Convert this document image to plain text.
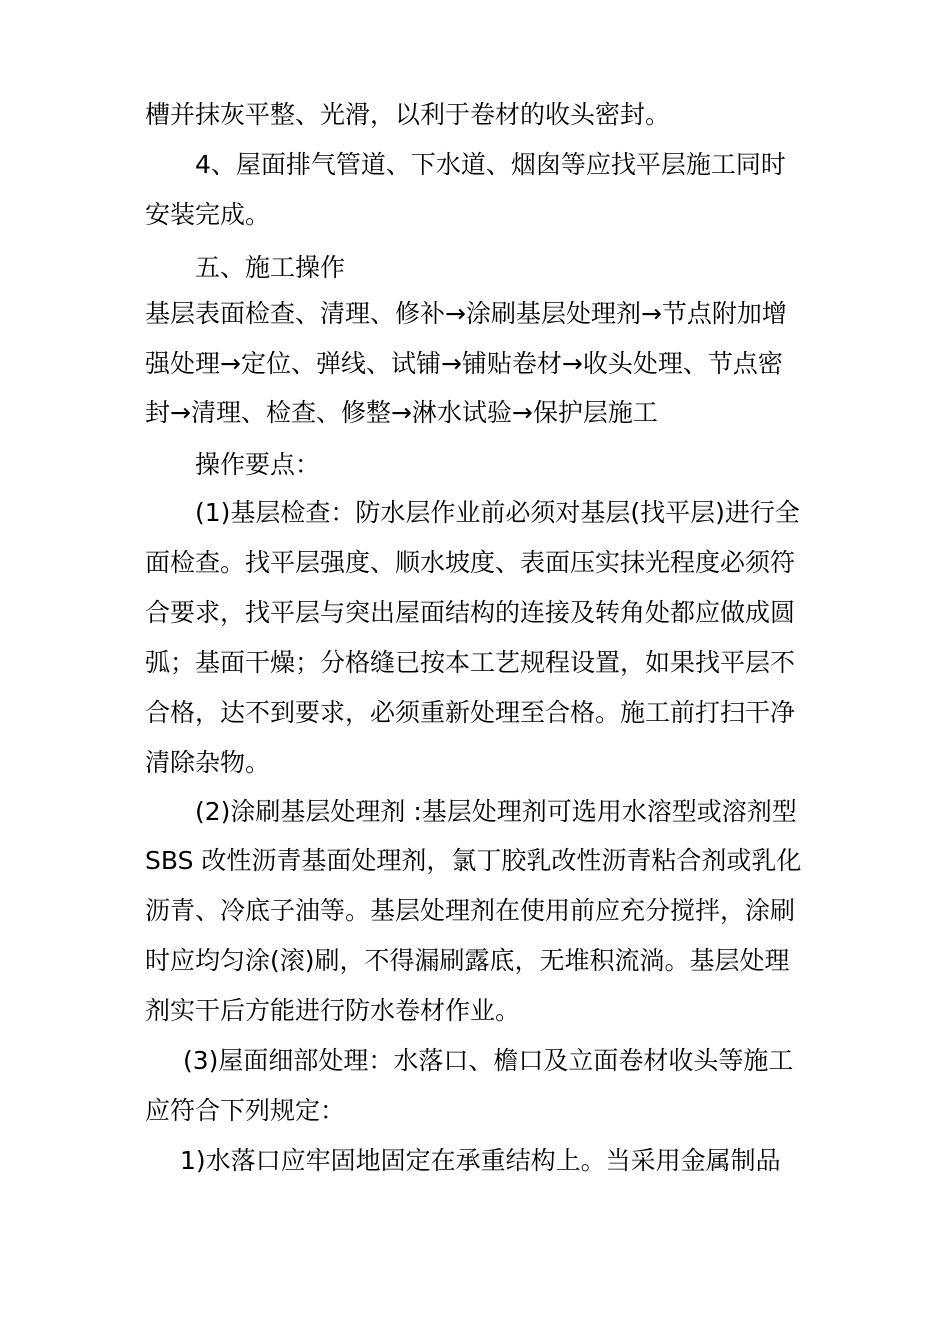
槽并抹灰平整、光滑，以利于卷材的收头密封。
4、屋面排气管道、下水道、烟囱等应找平层施工同时
安装完成。
五、施工操作
基层表面检查、清理、修补→涂刷基层处理剂→节点附加增
强处理→定位、弹线、试铺→铺贴卷材→收头处理、节点密
封→清理、检查、修整→淋水试验→保护层施工
操作要点：
(1)基层检查：防水层作业前必须对基层(找平层)进行全
面检查。找平层强度、顺水坡度、表面压实抹光程度必须符
合要求，找平层与突出屋面结构的连接及转角处都应做成圆
弧；基面干燥；分格缝已按本工艺规程设置，如果找平层不
合格，达不到要求，必须重新处理至合格。施工前打扫干净
清除杂物。
(2)涂刷基层处理剂 :基层处理剂可选用水溶型或溶剂型
SBS 改性沥青基面处理剂，氯丁胶乳改性沥青粘合剂或乳化
沥青、冷底子油等。基层处理剂在使用前应充分搅拌，涂刷
时应均匀涂(滚)刷，不得漏刷露底，无堆积流淌。基层处理
剂实干后方能进行防水卷材作业。
(3)屋面细部处理：水落口、檐口及立面卷材收头等施工
应符合下列规定：
1)水落口应牢固地固定在承重结构上。当采用金属制品
